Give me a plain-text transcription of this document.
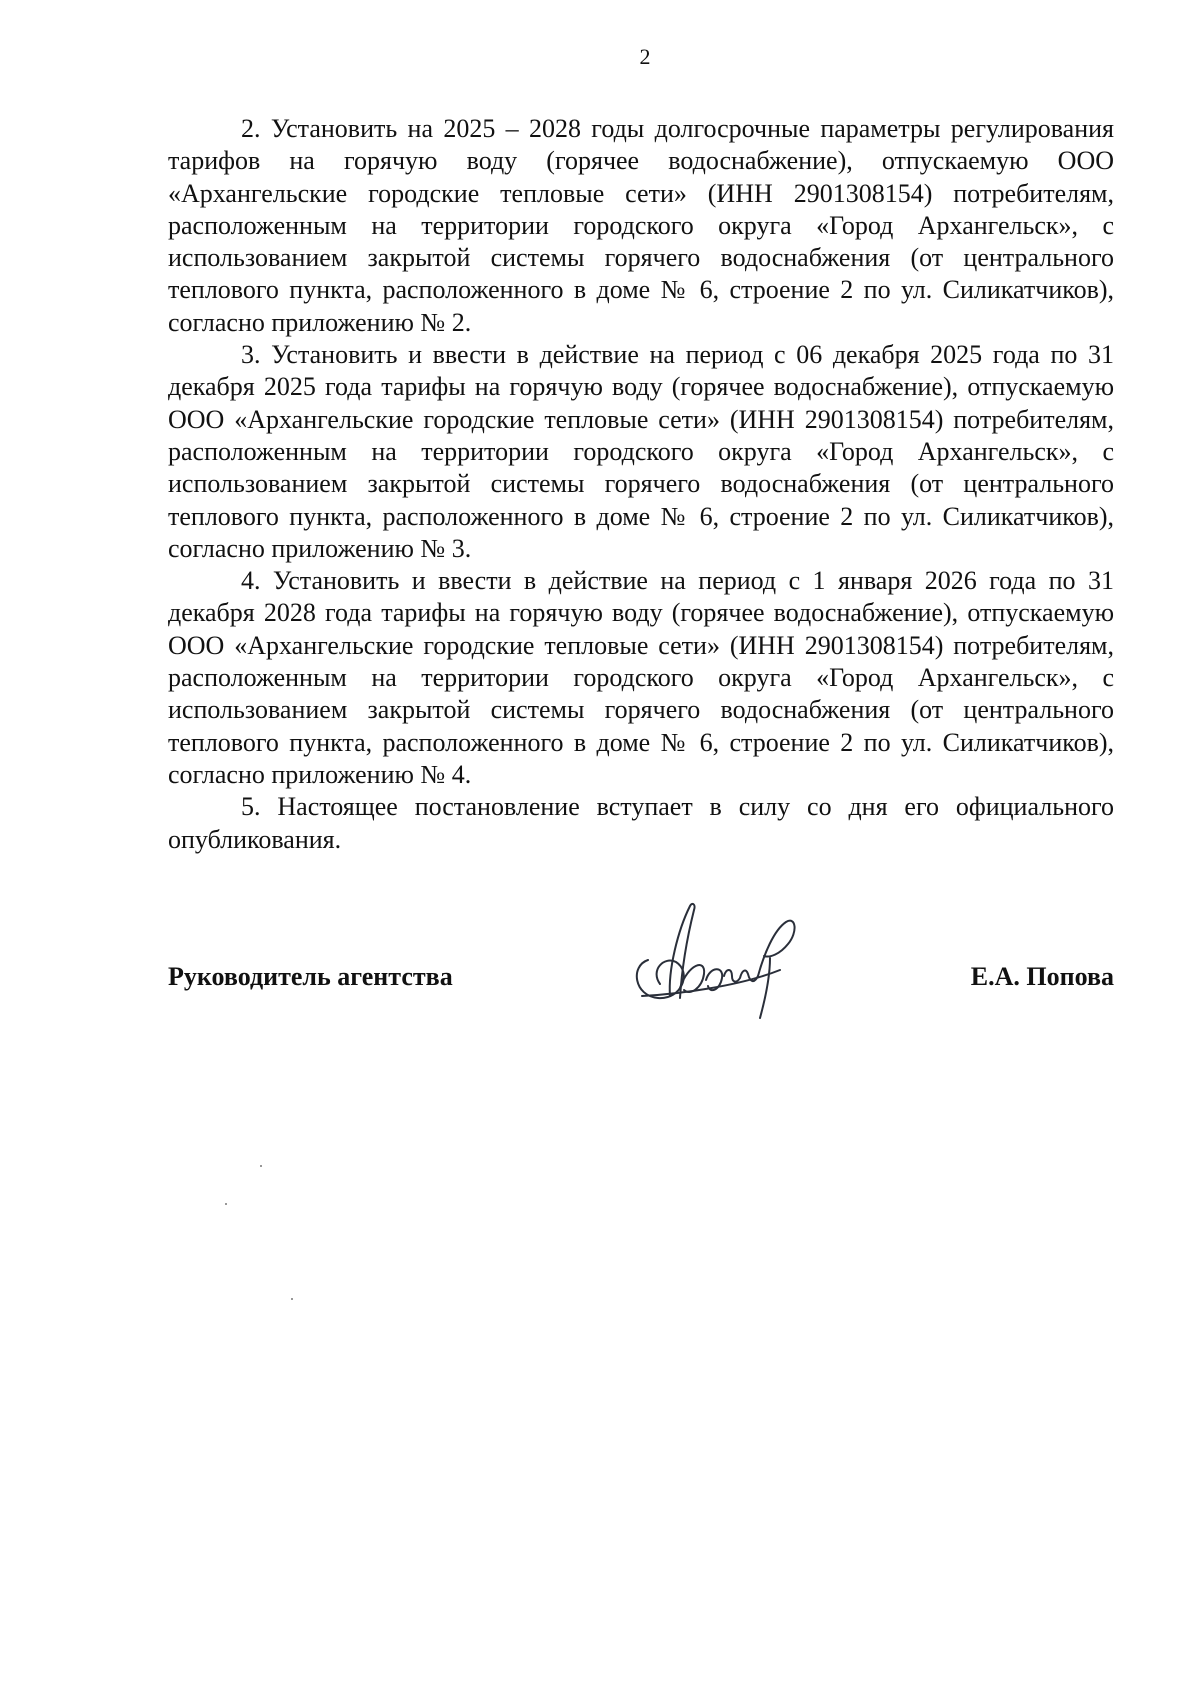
2

2. Установить на 2025 – 2028 годы долгосрочные параметры регулирования тарифов на горячую воду (горячее водоснабжение), отпускаемую ООО «Архангельские городские тепловые сети» (ИНН 2901308154) потребителям, расположенным на территории городского округа «Город Архангельск», с использованием закрытой системы горячего водоснабжения (от центрального теплового пункта, расположенного в доме № 6, строение 2 по ул. Силикатчиков), согласно приложению № 2.

3. Установить и ввести в действие на период с 06 декабря 2025 года по 31 декабря 2025 года тарифы на горячую воду (горячее водоснабжение), отпускаемую ООО «Архангельские городские тепловые сети» (ИНН 2901308154) потребителям, расположенным на территории городского округа «Город Архангельск», с использованием закрытой системы горячего водоснабжения (от центрального теплового пункта, расположенного в доме № 6, строение 2 по ул. Силикатчиков), согласно приложению № 3.

4. Установить и ввести в действие на период с 1 января 2026 года по 31 декабря 2028 года тарифы на горячую воду (горячее водоснабжение), отпускаемую ООО «Архангельские городские тепловые сети» (ИНН 2901308154) потребителям, расположенным на территории городского округа «Город Архангельск», с использованием закрытой системы горячего водоснабжения (от центрального теплового пункта, расположенного в доме № 6, строение 2 по ул. Силикатчиков), согласно приложению № 4.

5. Настоящее постановление вступает в силу со дня его официального опубликования.

Руководитель агентства	Е.А. Попова
